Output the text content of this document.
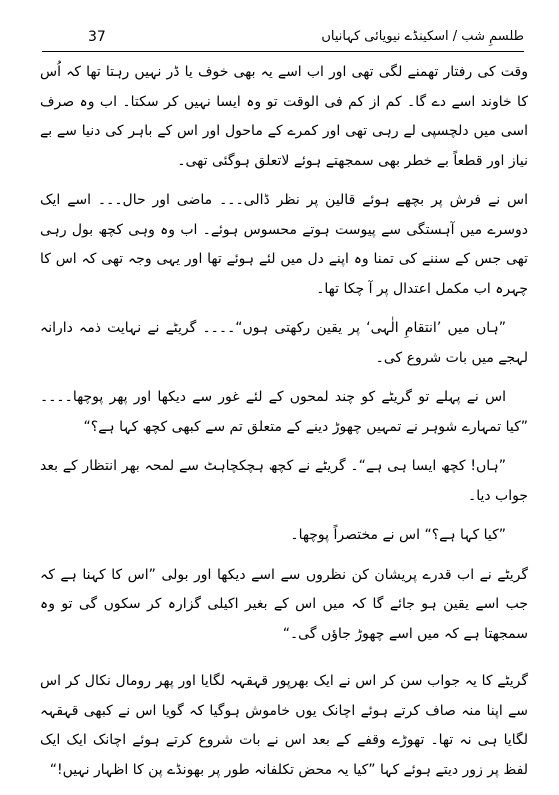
37	طلسمِ شب / اسکینڈے نیویائی کہانیاں

وقت کی رفتار تھمنے لگی تھی اور اب اسے یہ بھی خوف یا ڈر نہیں رہتا تھا کہ اُس کا خاوند اسے دے گا۔ کم از کم فی الوقت تو وہ ایسا نہیں کر سکتا۔ اب وہ صرف اسی میں دلچسپی لے رہی تھی اور کمرے کے ماحول اور اس کے باہر کی دنیا سے بے نیاز اور قطعاً بے خطر بھی سمجھتے ہوئے لاتعلق ہوگئی تھی۔

اس نے فرش پر بچھے ہوئے قالین پر نظر ڈالی۔۔۔ ماضی اور حال۔۔۔ اسے ایک دوسرے میں آہستگی سے پیوست ہوتے محسوس ہوئے۔ اب وہ وہی کچھ بول رہی تھی جس کے سننے کی تمنا وہ اپنے دل میں لئے ہوئے تھا اور یہی وجہ تھی کہ اس کا چہرہ اب مکمل اعتدال پر آ چکا تھا۔

”ہاں میں ’انتقامِ الٰہی‘ پر یقین رکھتی ہوں“۔۔۔۔ گریٹے نے نہایت ذمہ دارانہ لہجے میں بات شروع کی۔

اس نے پہلے تو گریٹے کو چند لمحوں کے لئے غور سے دیکھا اور پھر پوچھا۔۔۔۔ ”کیا تمہارے شوہر نے تمہیں چھوڑ دینے کے متعلق تم سے کبھی کچھ کہا ہے؟“

”ہاں! کچھ ایسا ہی ہے“۔ گریٹے نے کچھ ہچکچاہٹ سے لمحہ بھر انتظار کے بعد جواب دیا۔

”کیا کہا ہے؟“ اس نے مختصراً پوچھا۔

گریٹے نے اب قدرے پریشان کن نظروں سے اسے دیکھا اور بولی ”اس کا کہنا ہے کہ جب اسے یقین ہو جائے گا کہ میں اس کے بغیر اکیلی گزارہ کر سکوں گی تو وہ سمجھتا ہے کہ میں اسے چھوڑ جاؤں گی۔“

گریٹے کا یہ جواب سن کر اس نے ایک بھرپور قہقہہ لگایا اور پھر رومال نکال کر اس سے اپنا منہ صاف کرتے ہوئے اچانک یوں خاموش ہوگیا کہ گویا اس نے کبھی قہقہہ لگایا ہی نہ تھا۔ تھوڑے وقفے کے بعد اس نے بات شروع کرتے ہوئے اچانک ایک ایک لفظ پر زور دیتے ہوئے کہا ”کیا یہ محض تکلفانہ طور پر بھونڈے پن کا اظہار نہیں!“
